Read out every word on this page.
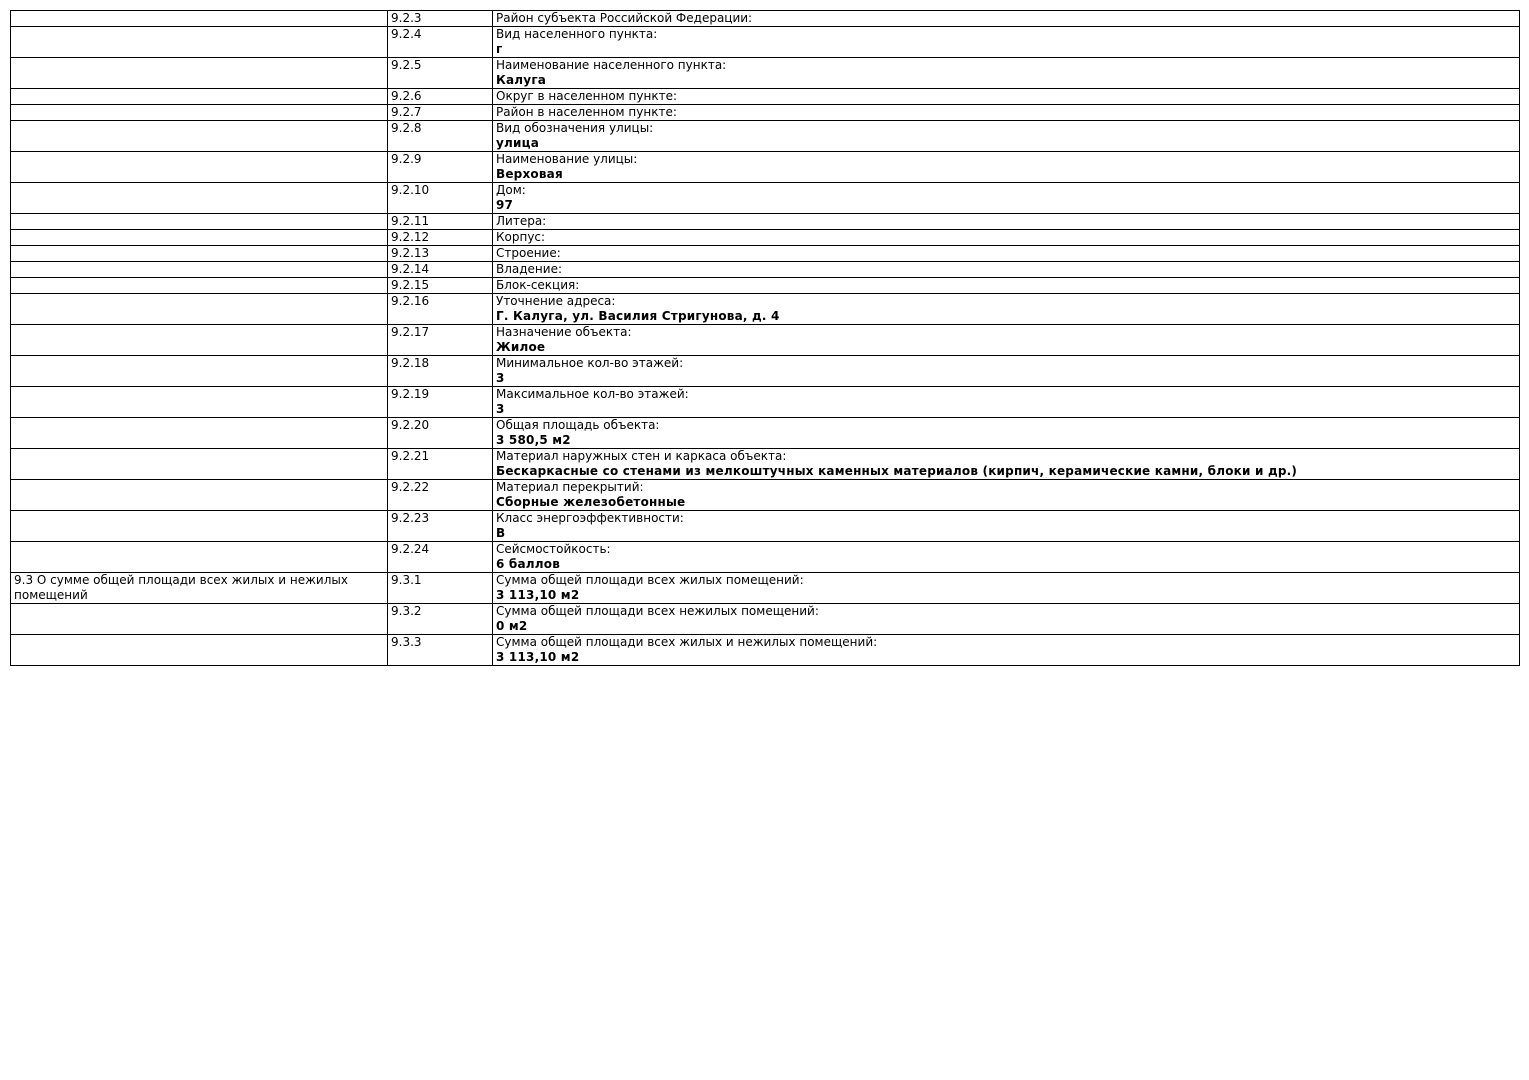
	9.2.3	Район субъекта Российской Федерации:

	9.2.4	Вид населенного пункта:
г

	9.2.5	Наименование населенного пункта:
Калуга

	9.2.6	Округ в населенном пункте:

	9.2.7	Район в населенном пункте:

	9.2.8	Вид обозначения улицы:
улица

	9.2.9	Наименование улицы:
Верховая

	9.2.10	Дом:
97

	9.2.11	Литера:

	9.2.12	Корпус:

	9.2.13	Строение:

	9.2.14	Владение:

	9.2.15	Блок-секция:

	9.2.16	Уточнение адреса:
Г. Калуга, ул. Василия Стригунова, д. 4

	9.2.17	Назначение объекта:
Жилое

	9.2.18	Минимальное кол-во этажей:
3

	9.2.19	Максимальное кол-во этажей:
3

	9.2.20	Общая площадь объекта:
3 580,5 м2

	9.2.21	Материал наружных стен и каркаса объекта:
Бескаркасные со стенами из мелкоштучных каменных материалов (кирпич, керамические камни, блоки и др.)

	9.2.22	Материал перекрытий:
Сборные железобетонные

	9.2.23	Класс энергоэффективности:
В

	9.2.24	Сейсмостойкость:
6 баллов

9.3 О сумме общей площади всех жилых и нежилых помещений	9.3.1	Сумма общей площади всех жилых помещений:
3 113,10 м2

	9.3.2	Сумма общей площади всех нежилых помещений:
0 м2

	9.3.3	Сумма общей площади всех жилых и нежилых помещений:
3 113,10 м2
